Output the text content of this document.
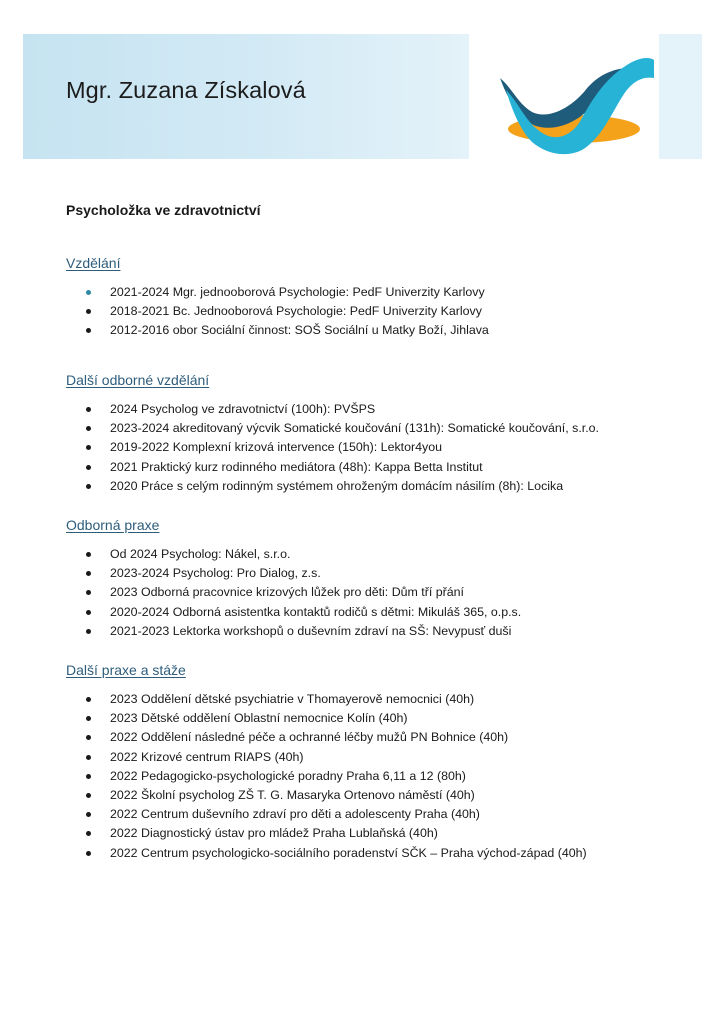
Mgr. Zuzana Získalová

Psycholožka ve zdravotnictví

Vzdělání
2021-2024 Mgr. jednooborová Psychologie: PedF Univerzity Karlovy
2018-2021 Bc. Jednooborová Psychologie: PedF Univerzity Karlovy
2012-2016 obor Sociální činnost: SOŠ Sociální u Matky Boží, Jihlava
Další odborné vzdělání
2024 Psycholog ve zdravotnictví (100h): PVŠPS
2023-2024 akreditovaný výcvik Somatické koučování (131h): Somatické koučování, s.r.o.
2019-2022 Komplexní krizová intervence (150h): Lektor4you
2021 Praktický kurz rodinného mediátora (48h): Kappa Betta Institut
2020 Práce s celým rodinným systémem ohroženým domácím násilím (8h): Locika
Odborná praxe
Od 2024 Psycholog: Nákel, s.r.o.
2023-2024 Psycholog: Pro Dialog, z.s.
2023 Odborná pracovnice krizových lůžek pro děti: Dům tří přání
2020-2024 Odborná asistentka kontaktů rodičů s dětmi: Mikuláš 365, o.p.s.
2021-2023 Lektorka workshopů o duševním zdraví na SŠ: Nevypusť duši
Další praxe a stáže
2023 Oddělení dětské psychiatrie v Thomayerově nemocnici (40h)
2023 Dětské oddělení Oblastní nemocnice Kolín (40h)
2022 Oddělení následné péče a ochranné léčby mužů PN Bohnice (40h)
2022 Krizové centrum RIAPS (40h)
2022 Pedagogicko-psychologické poradny Praha 6,11 a 12 (80h)
2022 Školní psycholog ZŠ T. G. Masaryka Ortenovo náměstí (40h)
2022 Centrum duševního zdraví pro děti a adolescenty Praha (40h)
2022 Diagnostický ústav pro mládež Praha Lublaňská (40h)
2022 Centrum psychologicko-sociálního poradenství SČK – Praha východ-západ (40h)
